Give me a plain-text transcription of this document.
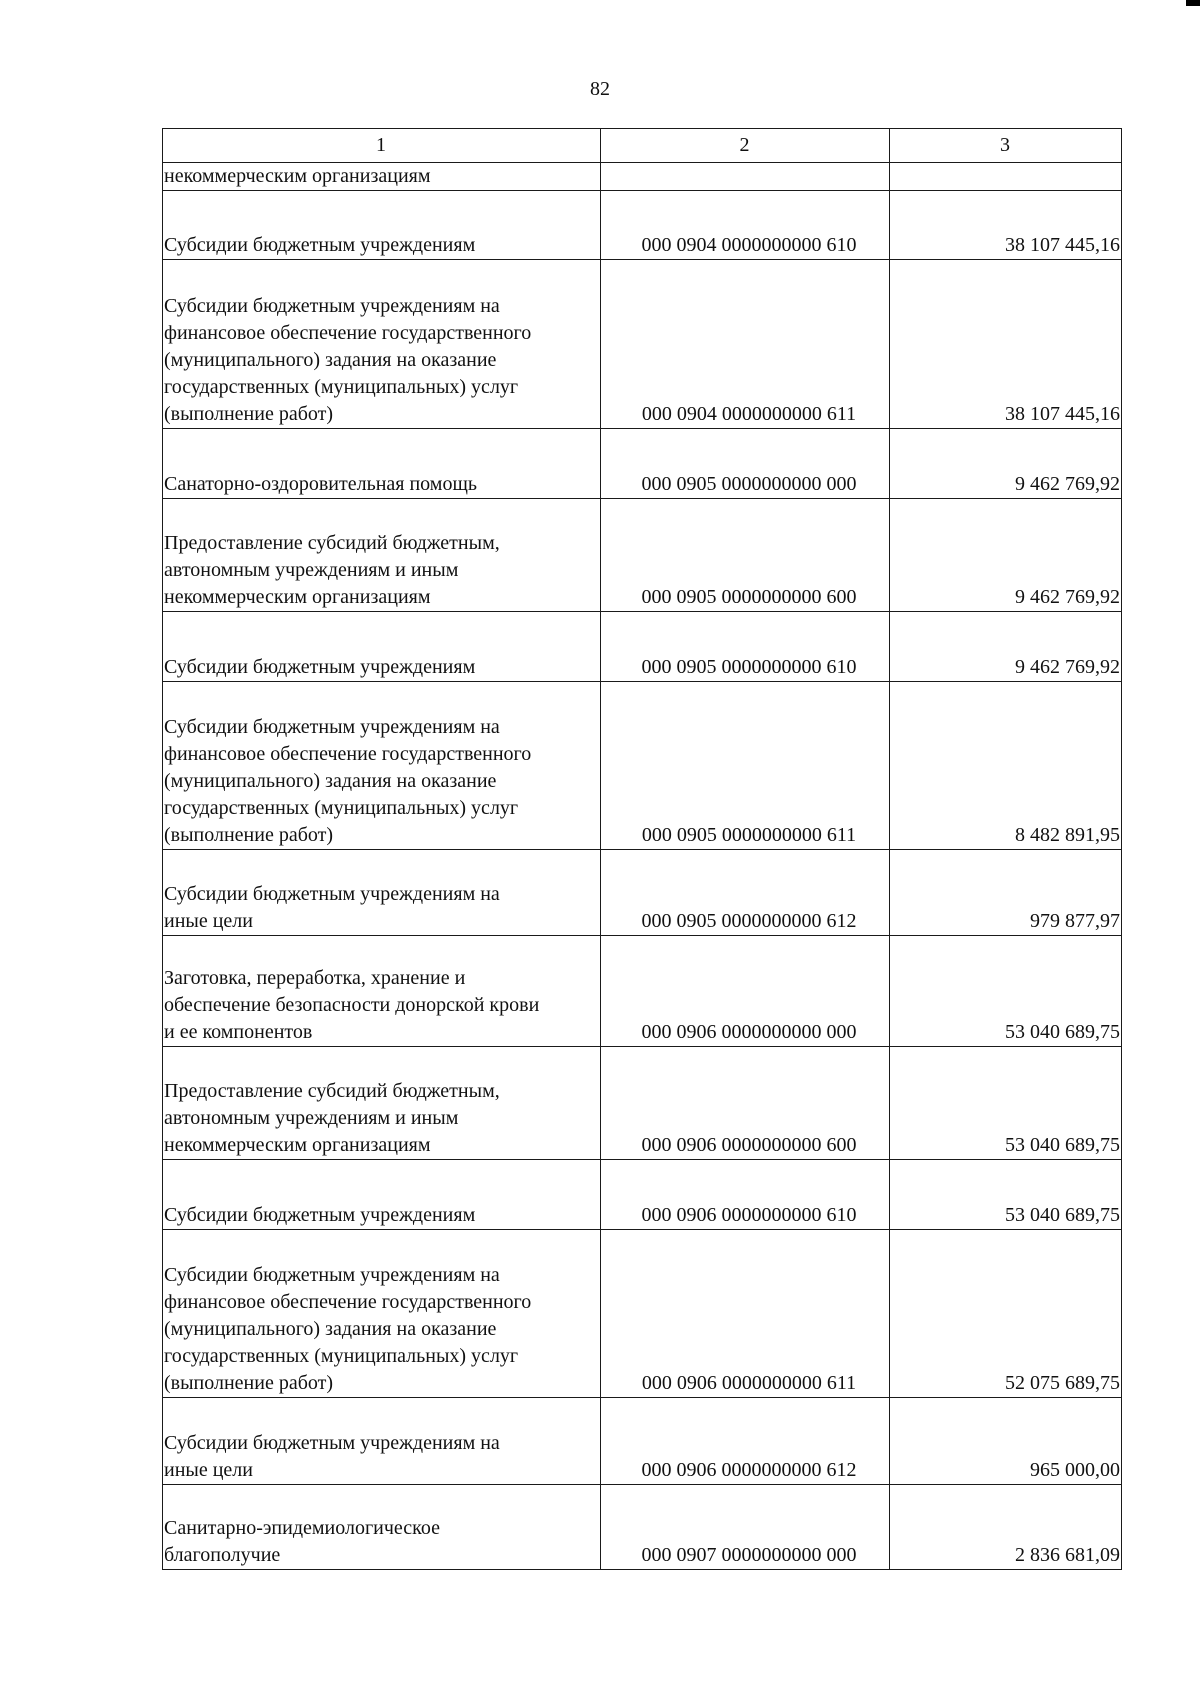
82
1	2	3
некоммерческим организациям		
Субсидии бюджетным учреждениям	000 0904 0000000000 610	38 107 445,16
Субсидии бюджетным учреждениям на
финансовое обеспечение государственного
(муниципального) задания на оказание
государственных (муниципальных) услуг
(выполнение работ)	000 0904 0000000000 611	38 107 445,16
Санаторно-оздоровительная помощь	000 0905 0000000000 000	9 462 769,92
Предоставление субсидий бюджетным,
автономным учреждениям и иным
некоммерческим организациям	000 0905 0000000000 600	9 462 769,92
Субсидии бюджетным учреждениям	000 0905 0000000000 610	9 462 769,92
Субсидии бюджетным учреждениям на
финансовое обеспечение государственного
(муниципального) задания на оказание
государственных (муниципальных) услуг
(выполнение работ)	000 0905 0000000000 611	8 482 891,95
Субсидии бюджетным учреждениям на
иные цели	000 0905 0000000000 612	979 877,97
Заготовка, переработка, хранение и
обеспечение безопасности донорской крови
и ее компонентов	000 0906 0000000000 000	53 040 689,75
Предоставление субсидий бюджетным,
автономным учреждениям и иным
некоммерческим организациям	000 0906 0000000000 600	53 040 689,75
Субсидии бюджетным учреждениям	000 0906 0000000000 610	53 040 689,75
Субсидии бюджетным учреждениям на
финансовое обеспечение государственного
(муниципального) задания на оказание
государственных (муниципальных) услуг
(выполнение работ)	000 0906 0000000000 611	52 075 689,75
Субсидии бюджетным учреждениям на
иные цели	000 0906 0000000000 612	965 000,00
Санитарно-эпидемиологическое
благополучие	000 0907 0000000000 000	2 836 681,09
